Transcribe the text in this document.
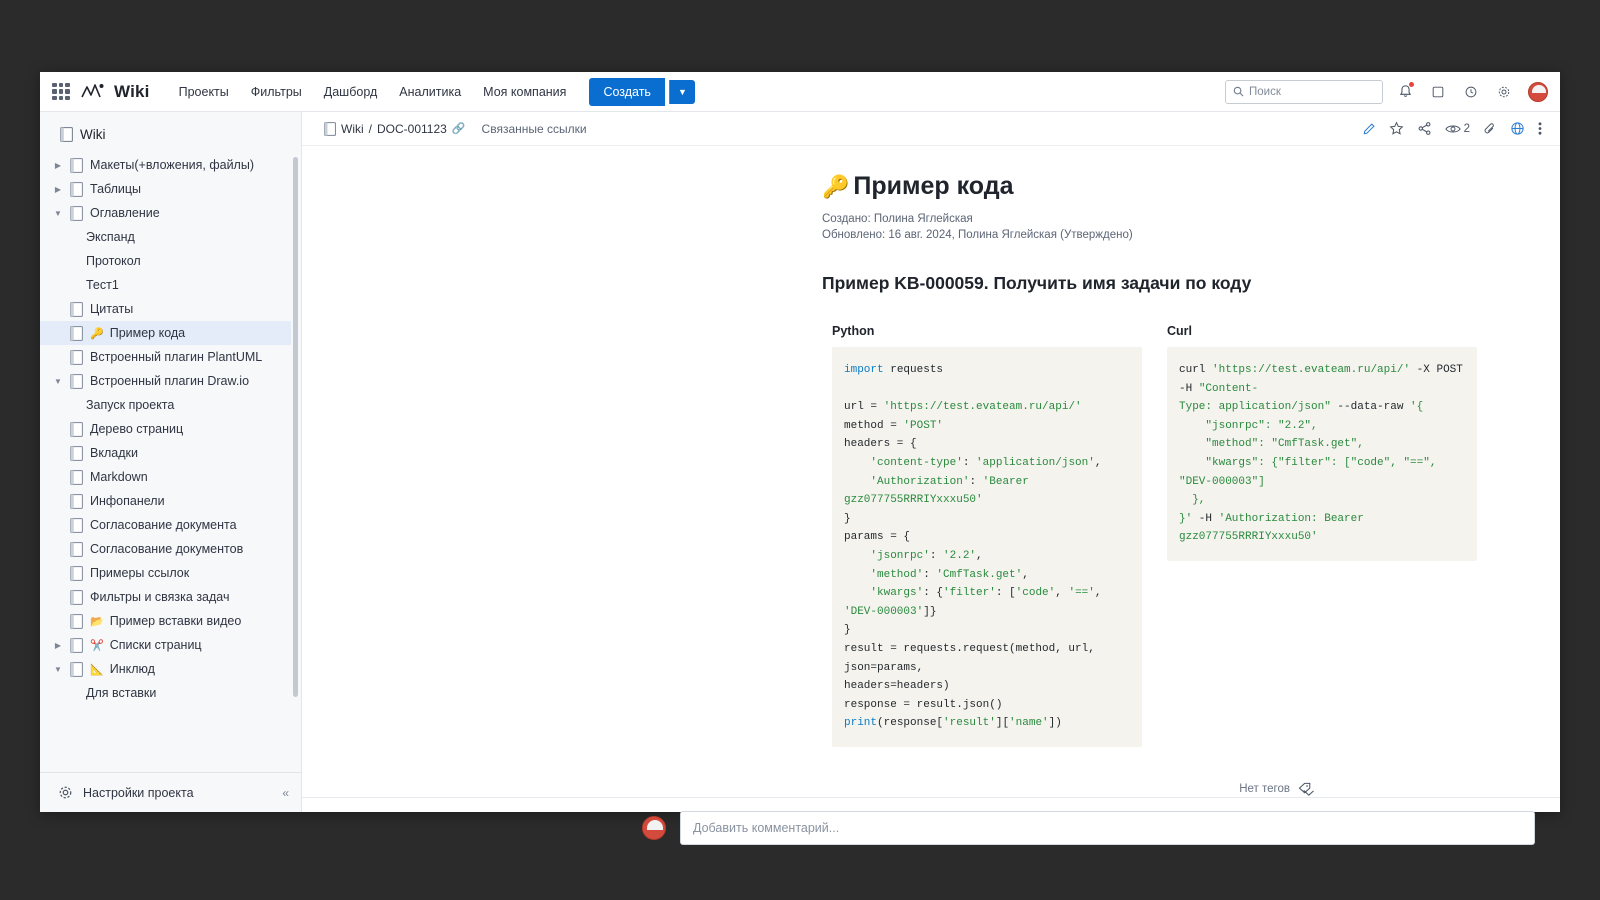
Wiki	Проекты	Фильтры	Дашборд	Аналитика	Моя компания	Создать	▼	Поиск
Wiki
▶ Макеты(+вложения, файлы)
▶ Таблицы
▼ Оглавление
Экспанд
Протокол
Тест1
Цитаты
🔑 Пример кода
Встроенный плагин PlantUML
▼ Встроенный плагин Draw.io
Запуск проекта
Дерево страниц
Вкладки
Markdown
Инфопанели
Согласование документа
Согласование документов
Примеры ссылок
Фильтры и связка задач
📂 Пример вставки видео
▶	✂️ Списки страниц
▼	📐 Инклюд
Для вставки
Настройки проекта	«
Wiki / DOC-001123 🔗 Связанные ссылки	2
🔑 Пример кода
Создано: Полина Яглейская
Обновлено: 16 авг. 2024, Полина Яглейская (Утверждено)
Пример KB-000059. Получить имя задачи по коду
Python
import requests

url = 'https://test.evateam.ru/api/'
method = 'POST'
headers = {
'content-type': 'application/json',
'Authorization': 'Bearer gzz077755RRRIYxxxu50'
}
params = {
'jsonrpc': '2.2',
'method': 'CmfTask.get',
'kwargs': {'filter': ['code', '==', 'DEV-000003']}
}
result = requests.request(method, url, json=params,
headers=headers)
response = result.json()
print(response['result']['name'])
Curl
curl 'https://test.evateam.ru/api/' -X POST -H "Content-
Type: application/json" --data-raw '{
"jsonrpc": "2.2",
"method": "CmfTask.get",
"kwargs": {"filter": ["code", "==", "DEV-000003"]
},
}' -H 'Authorization: Bearer gzz077755RRRIYxxxu50'
Нет тегов
Добавить комментарий...
